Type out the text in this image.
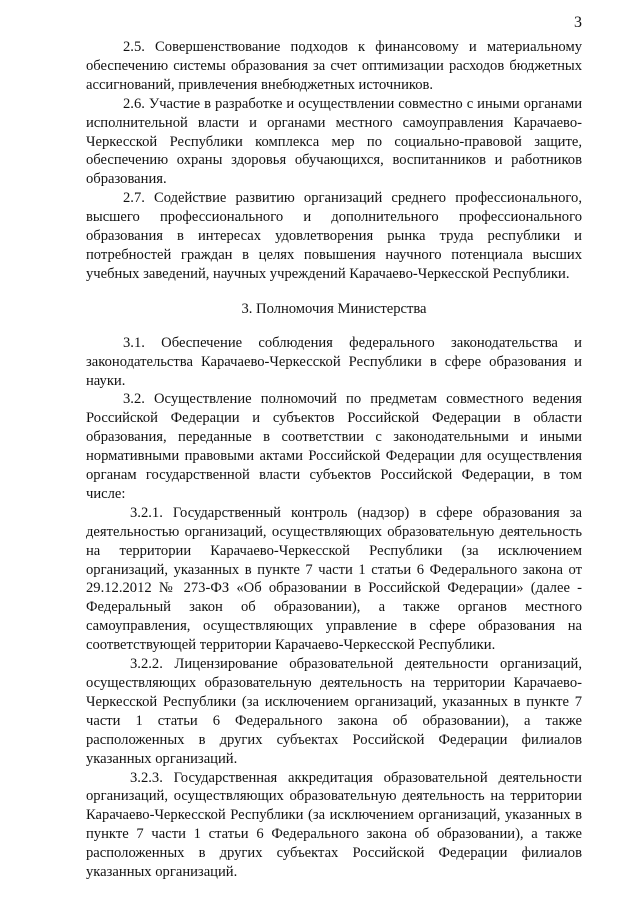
3

2.5. Совершенствование подходов к финансовому и материальному обеспечению системы образования за счет оптимизации расходов бюджетных ассигнований, привлечения внебюджетных источников.

2.6. Участие в разработке и осуществлении совместно с иными органами исполнительной власти и органами местного самоуправления Карачаево-Черкесской Республики комплекса мер по социально-правовой защите, обеспечению охраны здоровья обучающихся, воспитанников и работников образования.

2.7. Содействие развитию организаций среднего профессионального, высшего профессионального и дополнительного профессионального образования в интересах удовлетворения рынка труда республики и потребностей граждан в целях повышения научного потенциала высших учебных заведений, научных учреждений Карачаево-Черкесской Республики.

3. Полномочия Министерства

3.1. Обеспечение соблюдения федерального законодательства и законодательства Карачаево-Черкесской Республики в сфере образования и науки.

3.2. Осуществление полномочий по предметам совместного ведения Российской Федерации и субъектов Российской Федерации в области образования, переданные в соответствии с законодательными и иными нормативными правовыми актами Российской Федерации для осуществления органам государственной власти субъектов Российской Федерации, в том числе:

3.2.1. Государственный контроль (надзор) в сфере образования за деятельностью организаций, осуществляющих образовательную деятельность на территории Карачаево-Черкесской Республики (за исключением организаций, указанных в пункте 7 части 1 статьи 6 Федерального закона от 29.12.2012 № 273-ФЗ «Об образовании в Российской Федерации» (далее - Федеральный закон об образовании), а также органов местного самоуправления, осуществляющих управление в сфере образования на соответствующей территории Карачаево-Черкесской Республики.

3.2.2. Лицензирование образовательной деятельности организаций, осуществляющих образовательную деятельность на территории Карачаево-Черкесской Республики (за исключением организаций, указанных в пункте 7 части 1 статьи 6 Федерального закона об образовании), а также расположенных в других субъектах Российской Федерации филиалов указанных организаций.

3.2.3. Государственная аккредитация образовательной деятельности организаций, осуществляющих образовательную деятельность на территории Карачаево-Черкесской Республики (за исключением организаций, указанных в пункте 7 части 1 статьи 6 Федерального закона об образовании), а также расположенных в других субъектах Российской Федерации филиалов указанных организаций.
